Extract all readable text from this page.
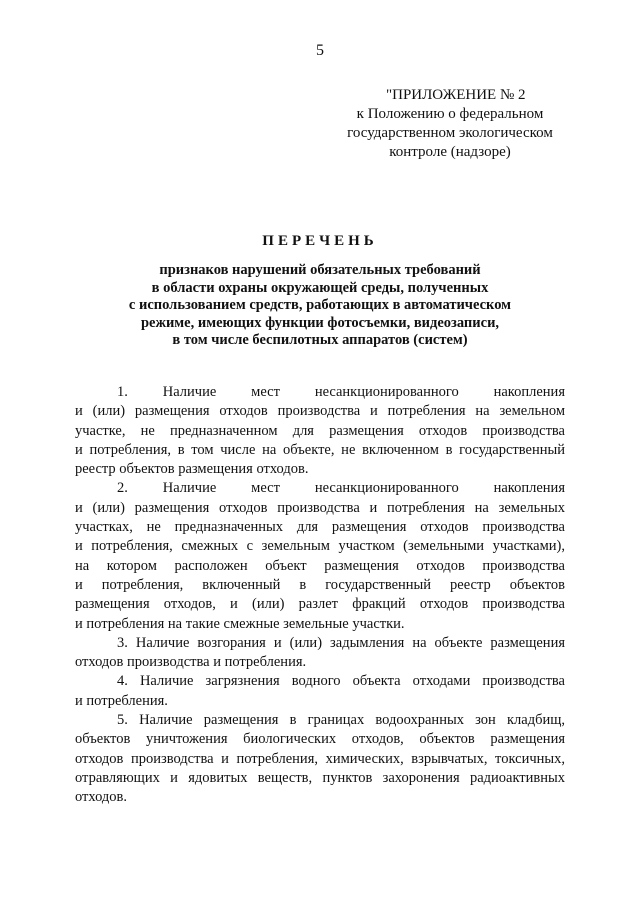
5
"ПРИЛОЖЕНИЕ № 2
к Положению о федеральном
государственном экологическом
контроле (надзоре)
ПЕРЕЧЕНЬ
признаков нарушений обязательных требований
в области охраны окружающей среды, полученных
с использованием средств, работающих в автоматическом
режиме, имеющих функции фотосъемки, видеозаписи,
в том числе беспилотных аппаратов (систем)
1. Наличие мест несанкционированного накопления
и (или) размещения отходов производства и потребления на земельном
участке, не предназначенном для размещения отходов производства
и потребления, в том числе на объекте, не включенном в государственный
реестр объектов размещения отходов.
2. Наличие мест несанкционированного накопления
и (или) размещения отходов производства и потребления на земельных
участках, не предназначенных для размещения отходов производства
и потребления, смежных с земельным участком (земельными участками),
на котором расположен объект размещения отходов производства
и потребления, включенный в государственный реестр объектов
размещения отходов, и (или) разлет фракций отходов производства
и потребления на такие смежные земельные участки.
3. Наличие возгорания и (или) задымления на объекте размещения
отходов производства и потребления.
4. Наличие загрязнения водного объекта отходами производства
и потребления.
5. Наличие размещения в границах водоохранных зон кладбищ,
объектов уничтожения биологических отходов, объектов размещения
отходов производства и потребления, химических, взрывчатых, токсичных,
отравляющих и ядовитых веществ, пунктов захоронения радиоактивных
отходов.
